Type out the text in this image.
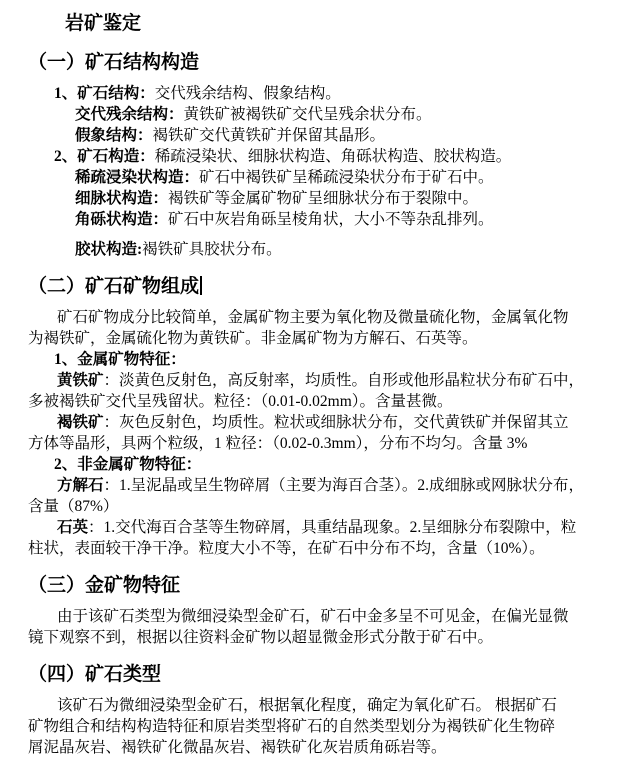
岩矿鉴定
（一）矿石结构构造
1、矿石结构：交代残余结构、假象结构。
交代残余结构：黄铁矿被褐铁矿交代呈残余状分布。
假象结构：褐铁矿交代黄铁矿并保留其晶形。
2、矿石构造：稀疏浸染状、细脉状构造、角砾状构造、胶状构造。
稀疏浸染状构造：矿石中褐铁矿呈稀疏浸染状分布于矿石中。
细脉状构造：褐铁矿等金属矿物矿呈细脉状分布于裂隙中。
角砾状构造：矿石中灰岩角砾呈棱角状，大小不等杂乱排列。
胶状构造:褐铁矿具胶状分布。
（二）矿石矿物组成
矿石矿物成分比较简单，金属矿物主要为氧化物及微量硫化物，金属氧化物
为褐铁矿，金属硫化物为黄铁矿。非金属矿物为方解石、石英等。
1、金属矿物特征：
黄铁矿：淡黄色反射色，高反射率，均质性。自形或他形晶粒状分布矿石中，
多被褐铁矿交代呈残留状。粒径：（0.01-0.02mm）。含量甚微。
褐铁矿：灰色反射色，均质性。粒状或细脉状分布，交代黄铁矿并保留其立
方体等晶形，具两个粒级，1 粒径：（0.02-0.3mm），分布不均匀。含量 3%
2、非金属矿物特征：
方解石：1.呈泥晶或呈生物碎屑（主要为海百合茎）。2.成细脉或网脉状分布，
含量（87%）
石英：1.交代海百合茎等生物碎屑，具重结晶现象。2.呈细脉分布裂隙中，粒
柱状，表面较干净干净。粒度大小不等，在矿石中分布不均，含量（10%）。
（三）金矿物特征
由于该矿石类型为微细浸染型金矿石，矿石中金多呈不可见金，在偏光显微
镜下观察不到，根据以往资料金矿物以超显微金形式分散于矿石中。
（四）矿石类型
该矿石为微细浸染型金矿石，根据氧化程度，确定为氧化矿石。 根据矿石
矿物组合和结构构造特征和原岩类型将矿石的自然类型划分为褐铁矿化生物碎
屑泥晶灰岩、褐铁矿化微晶灰岩、褐铁矿化灰岩质角砾岩等。
